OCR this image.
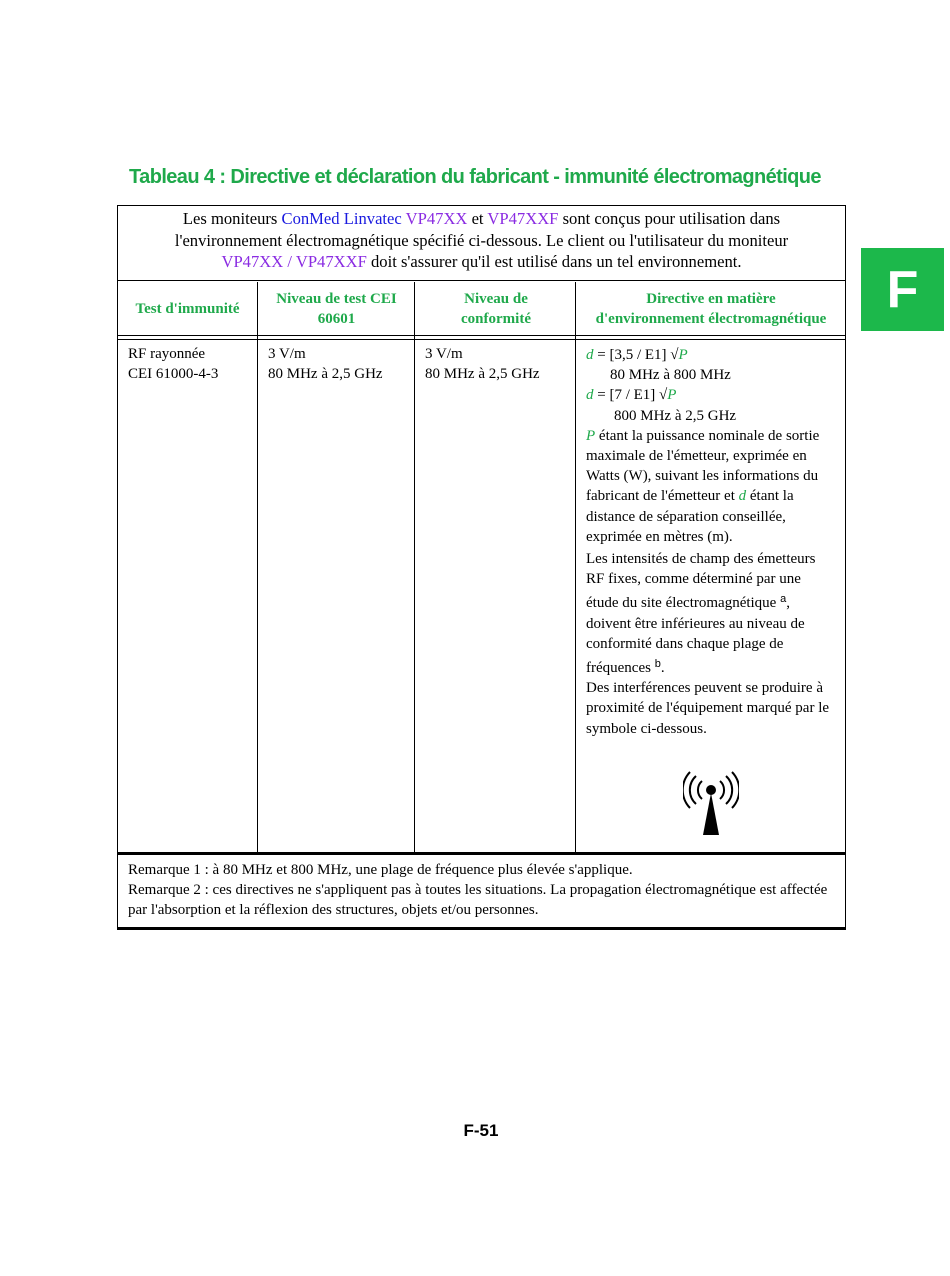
Tableau 4 : Directive et déclaration du fabricant - immunité électromagnétique
F
Les moniteurs ConMed Linvatec VP47XX et VP47XXF sont conçus pour utilisation dans
l'environnement électromagnétique spécifié ci-dessous. Le client ou l'utilisateur du moniteur
VP47XX / VP47XXF doit s'assurer qu'il est utilisé dans un tel environnement.
Test d'immunité
Niveau de test CEI
60601
Niveau de
conformité
Directive en matière
d'environnement électromagnétique
RF rayonnée
CEI 61000-4-3
3 V/m
80 MHz à 2,5 GHz
3 V/m
80 MHz à 2,5 GHz

d = [3,5 / E1] √P

80 MHz à 800 MHz

d = [7 / E1] √P

800 MHz à 2,5 GHz

P étant la puissance nominale de sortie maximale de l'émetteur, exprimée en Watts (W), suivant les informations du fabricant de l'émetteur et d étant la distance de séparation conseillée, exprimée en mètres (m).

Les intensités de champ des émetteurs RF fixes, comme déterminé par une étude du site électromagnétique $^a$, doivent être inférieures au niveau de conformité dans chaque plage de fréquences $^b$.

Des interférences peuvent se produire à proximité de l'équipement marqué par le symbole ci-dessous.

Remarque 1 : à 80 MHz et 800 MHz, une plage de fréquence plus élevée s'applique.
Remarque 2 : ces directives ne s'appliquent pas à toutes les situations. La propagation électromagnétique est affectée par l'absorption et la réflexion des structures, objets et/ou personnes.
F-51
